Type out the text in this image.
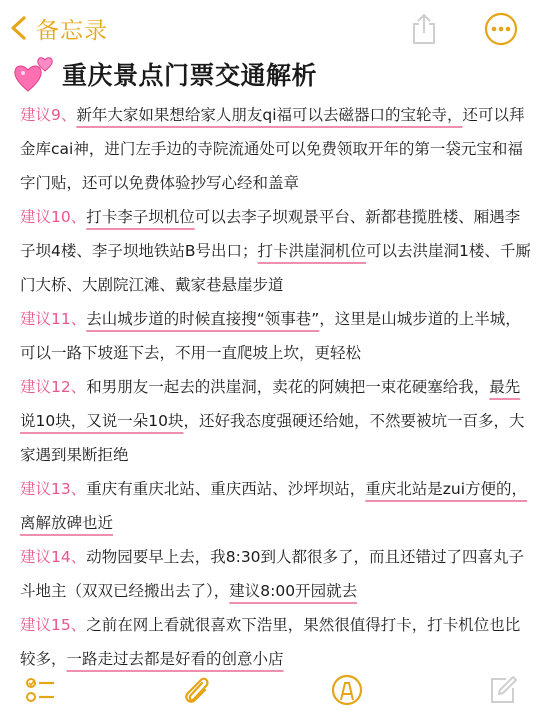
备忘录
重庆景点门票交通解析

建议9、新年大家如果想给家人朋友qi福可以去磁器口的宝轮寺，还可以拜金库cai神，进门左手边的寺院流通处可以免费领取开年的第一袋元宝和福字门贴，还可以免费体验抄写心经和盖章

建议10、打卡李子坝机位可以去李子坝观景平台、新都巷揽胜楼、厢遇李子坝4楼、李子坝地铁站B号出口；打卡洪崖洞机位可以去洪崖洞1楼、千厮门大桥、大剧院江滩、戴家巷悬崖步道

建议11、去山城步道的时候直接搜“领事巷”，这里是山城步道的上半城，可以一路下坡逛下去，不用一直爬坡上坎，更轻松

建议12、和男朋友一起去的洪崖洞，卖花的阿姨把一束花硬塞给我，最先说10块，又说一朵10块，还好我态度强硬还给她，不然要被坑一百多，大家遇到果断拒绝

建议13、重庆有重庆北站、重庆西站、沙坪坝站，重庆北站是zui方便的，离解放碑也近

建议14、动物园要早上去，我8:30到人都很多了，而且还错过了四喜丸子斗地主（双双已经搬出去了），建议8:00开园就去

建议15、之前在网上看就很喜欢下浩里，果然很值得打卡，打卡机位也比较多，一路走过去都是好看的创意小店
